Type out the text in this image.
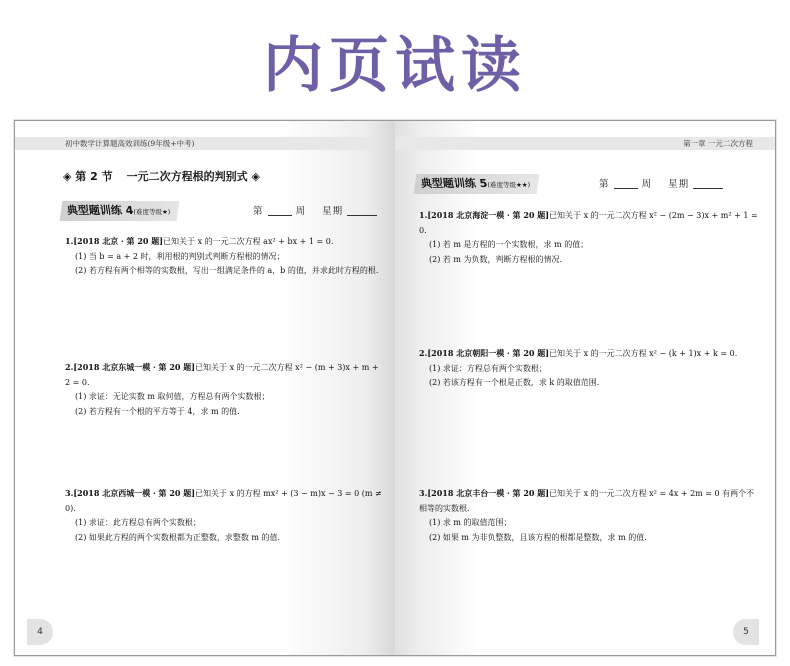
内页试读
初中数学计算题高效训练(9年级+中考)
◈ 第 2 节 一元二次方程根的判别式 ◈
典型题训练 4(难度等级★)	第	周 星期
1.[2018 北京 · 第 20 题]已知关于 x 的一元二次方程 ax² + bx + 1 = 0.
(1) 当 b = a + 2 时，利用根的判别式判断方程根的情况；
(2) 若方程有两个相等的实数根，写出一组满足条件的 a，b 的值，并求此时方程的根.
2.[2018 北京东城一模 · 第 20 题]已知关于 x 的一元二次方程 x² − (m + 3)x + m + 2 = 0.
(1) 求证：无论实数 m 取何值，方程总有两个实数根；
(2) 若方程有一个根的平方等于 4，求 m 的值.
3.[2018 北京西城一模 · 第 20 题]已知关于 x 的方程 mx² + (3 − m)x − 3 = 0 (m ≠ 0).
(1) 求证：此方程总有两个实数根；
(2) 如果此方程的两个实数根都为正整数，求整数 m 的值.
4
第一章 一元二次方程
典型题训练 5(难度等级★★)	第	周 星期
1.[2018 北京海淀一模 · 第 20 题]已知关于 x 的一元二次方程 x² − (2m − 3)x + m² + 1 = 0.
(1) 若 m 是方程的一个实数根，求 m 的值；
(2) 若 m 为负数，判断方程根的情况.
2.[2018 北京朝阳一模 · 第 20 题]已知关于 x 的一元二次方程 x² − (k + 1)x + k = 0.
(1) 求证：方程总有两个实数根；
(2) 若该方程有一个根是正数，求 k 的取值范围.
3.[2018 北京丰台一模 · 第 20 题]已知关于 x 的一元二次方程 x² = 4x + 2m = 0 有两个不相等的实数根.
(1) 求 m 的取值范围；
(2) 如果 m 为非负整数，且该方程的根都是整数，求 m 的值.
5
